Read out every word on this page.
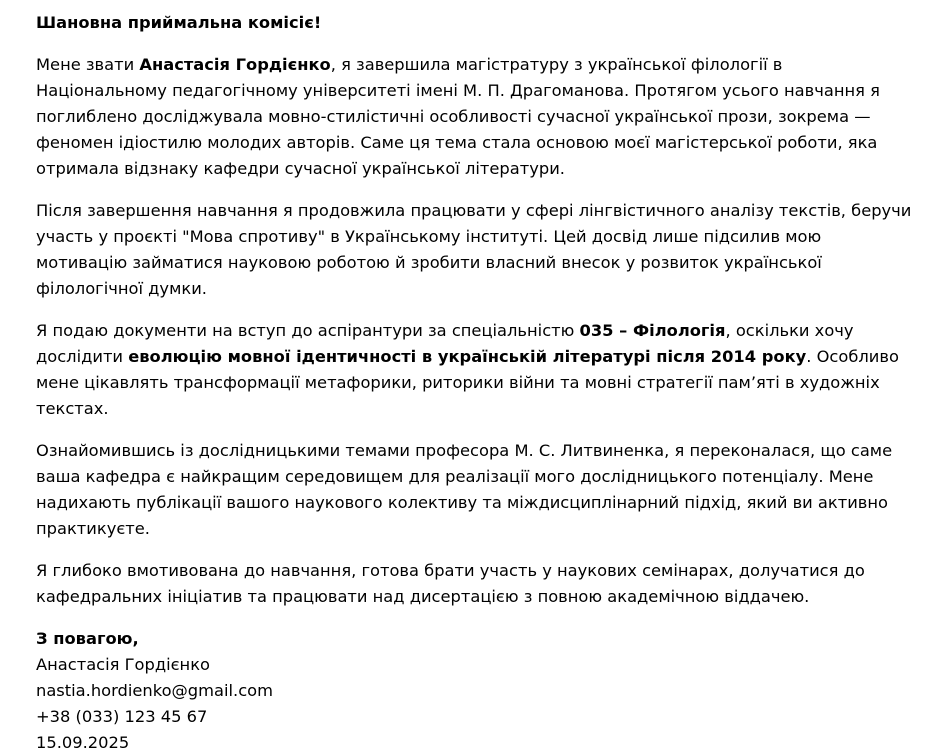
Шановна приймальна комісіє!

Мене звати Анастасія Гордієнко, я завершила магістратуру з української філології в Національному педагогічному університеті імені М. П. Драгоманова. Протягом усього навчання я поглиблено досліджувала мовно-стилістичні особливості сучасної української прози, зокрема — феномен ідіостилю молодих авторів. Саме ця тема стала основою моєї магістерської роботи, яка отримала відзнаку кафедри сучасної української літератури.

Після завершення навчання я продовжила працювати у сфері лінгвістичного аналізу текстів, беручи участь у проєкті "Мова спротиву" в Українському інституті. Цей досвід лише підсилив мою мотивацію займатися науковою роботою й зробити власний внесок у розвиток української філологічної думки.

Я подаю документи на вступ до аспірантури за спеціальністю 035 – Філологія, оскільки хочу дослідити еволюцію мовної ідентичності в українській літературі після 2014 року. Особливо мене цікавлять трансформації метафорики, риторики війни та мовні стратегії пам’яті в художніх текстах.

Ознайомившись із дослідницькими темами професора М. С. Литвиненка, я переконалася, що саме ваша кафедра є найкращим середовищем для реалізації мого дослідницького потенціалу. Мене надихають публікації вашого наукового колективу та міждисциплінарний підхід, який ви активно практикуєте.

Я глибоко вмотивована до навчання, готова брати участь у наукових семінарах, долучатися до кафедральних ініціатив та працювати над дисертацією з повною академічною віддачею.

З повагою,
Анастасія Гордієнко
nastia.hordienko@gmail.com
+38 (033) 123 45 67
15.09.2025
